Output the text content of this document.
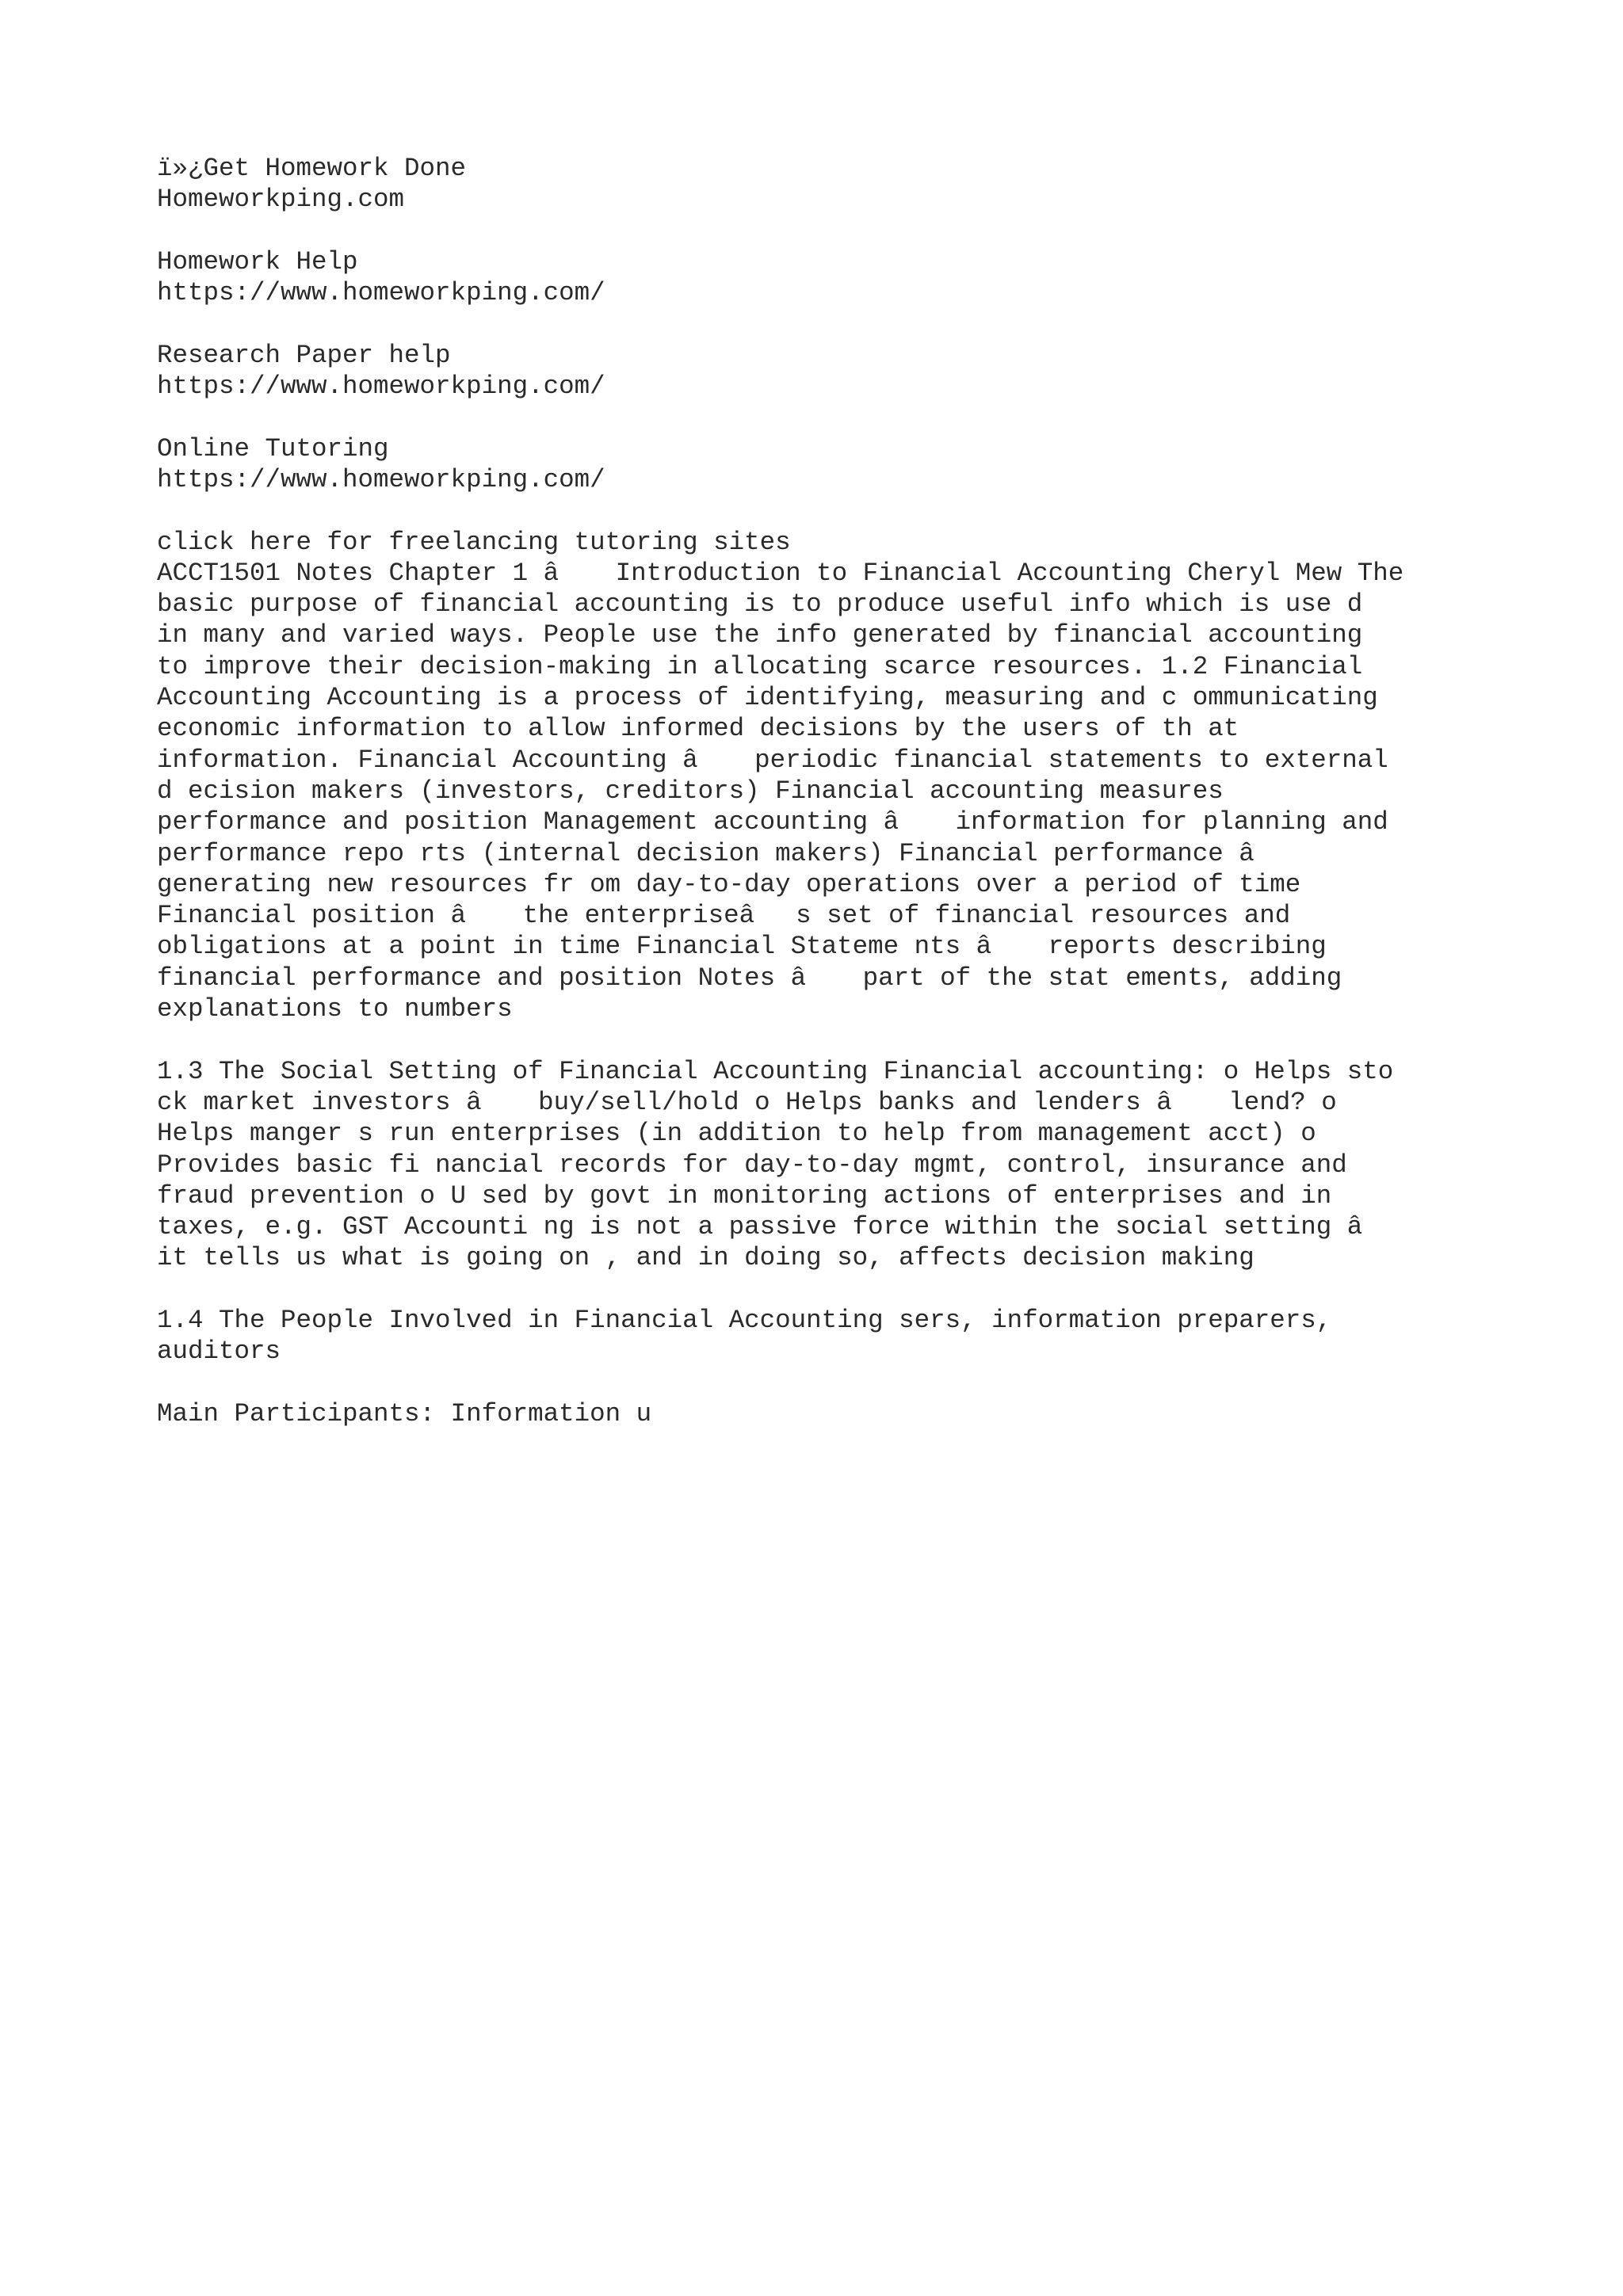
ï»¿Get Homework Done
Homeworkping.com
Homework Help
https://www.homeworkping.com/
Research Paper help
https://www.homeworkping.com/
Online Tutoring
https://www.homeworkping.com/
click here for freelancing tutoring sites
ACCT1501 Notes Chapter 1 â Introduction to Financial Accounting Cheryl Mew The
basic purpose of financial accounting is to produce useful info which is use d
in many and varied ways. People use the info generated by financial accounting
to improve their decision-making in allocating scarce resources. 1.2 Financial
Accounting Accounting is a process of identifying, measuring and c ommunicating
economic information to allow informed decisions by the users of th at
information. Financial Accounting â periodic financial statements to external
d ecision makers (investors, creditors) Financial accounting measures
performance and position Management accounting â information for planning and
performance repo rts (internal decision makers) Financial performance â
generating new resources fr om day-to-day operations over a period of time
Financial position â the enterpriseâs set of financial resources and
obligations at a point in time Financial Stateme nts â reports describing
financial performance and position Notes â part of the stat ements, adding
explanations to numbers
1.3 The Social Setting of Financial Accounting Financial accounting: o Helps sto
ck market investors â buy/sell/hold o Helps banks and lenders â lend? o
Helps manger s run enterprises (in addition to help from management acct) o
Provides basic fi nancial records for day-to-day mgmt, control, insurance and
fraud prevention o U sed by govt in monitoring actions of enterprises and in
taxes, e.g. GST Accounti ng is not a passive force within the social setting â
it tells us what is going on , and in doing so, affects decision making
1.4 The People Involved in Financial Accounting sers, information preparers,
auditors
Main Participants: Information u
